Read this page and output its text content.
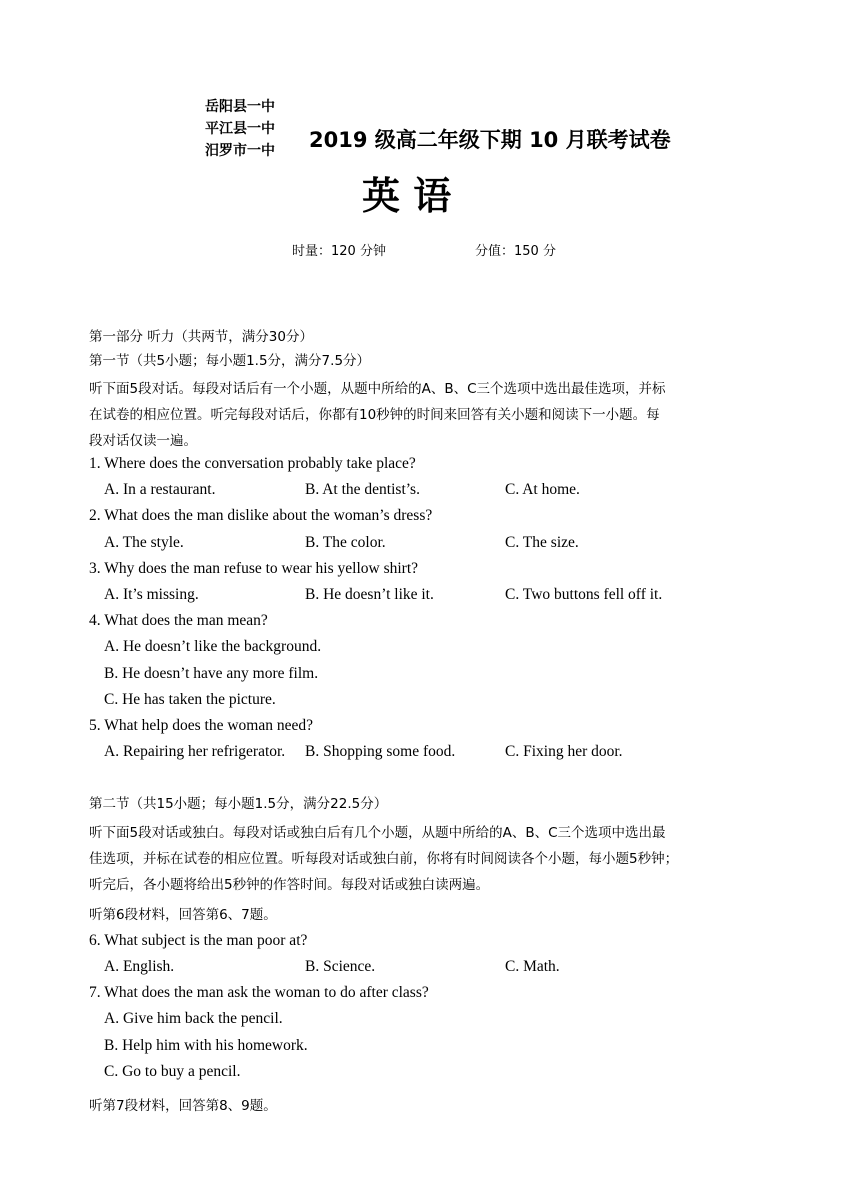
岳阳县一中
平江县一中
汨罗市一中 2019 级高二年级下期 10 月联考试卷
英 语
时量：120 分钟	分值：150 分
第一部分 听力（共两节，满分30分）
第一节（共5小题；每小题1.5分，满分7.5分）
听下面5段对话。每段对话后有一个小题，从题中所给的A、B、C三个选项中选出最佳选项，并标
在试卷的相应位置。听完每段对话后，你都有10秒钟的时间来回答有关小题和阅读下一小题。每
段对话仅读一遍。
1. Where does the conversation probably take place?
A. In a restaurant.	B. At the dentist’s.	C. At home.
2. What does the man dislike about the woman’s dress?
A. The style.	B. The color.	C. The size.
3. Why does the man refuse to wear his yellow shirt?
A. It’s missing.	B. He doesn’t like it.	C. Two buttons fell off it.
4. What does the man mean?
A. He doesn’t like the background.
B. He doesn’t have any more film.
C. He has taken the picture.
5. What help does the woman need?
A. Repairing her refrigerator. B. Shopping some food.	C. Fixing her door.
第二节（共15小题；每小题1.5分，满分22.5分）
听下面5段对话或独白。每段对话或独白后有几个小题，从题中所给的A、B、C三个选项中选出最
佳选项，并标在试卷的相应位置。听每段对话或独白前，你将有时间阅读各个小题，每小题5秒钟；
听完后，各小题将给出5秒钟的作答时间。每段对话或独白读两遍。
听第6段材料，回答第6、7题。
6. What subject is the man poor at?
A. English.	B. Science.	C. Math.
7. What does the man ask the woman to do after class?
A. Give him back the pencil.
B. Help him with his homework.
C. Go to buy a pencil.
听第7段材料，回答第8、9题。
